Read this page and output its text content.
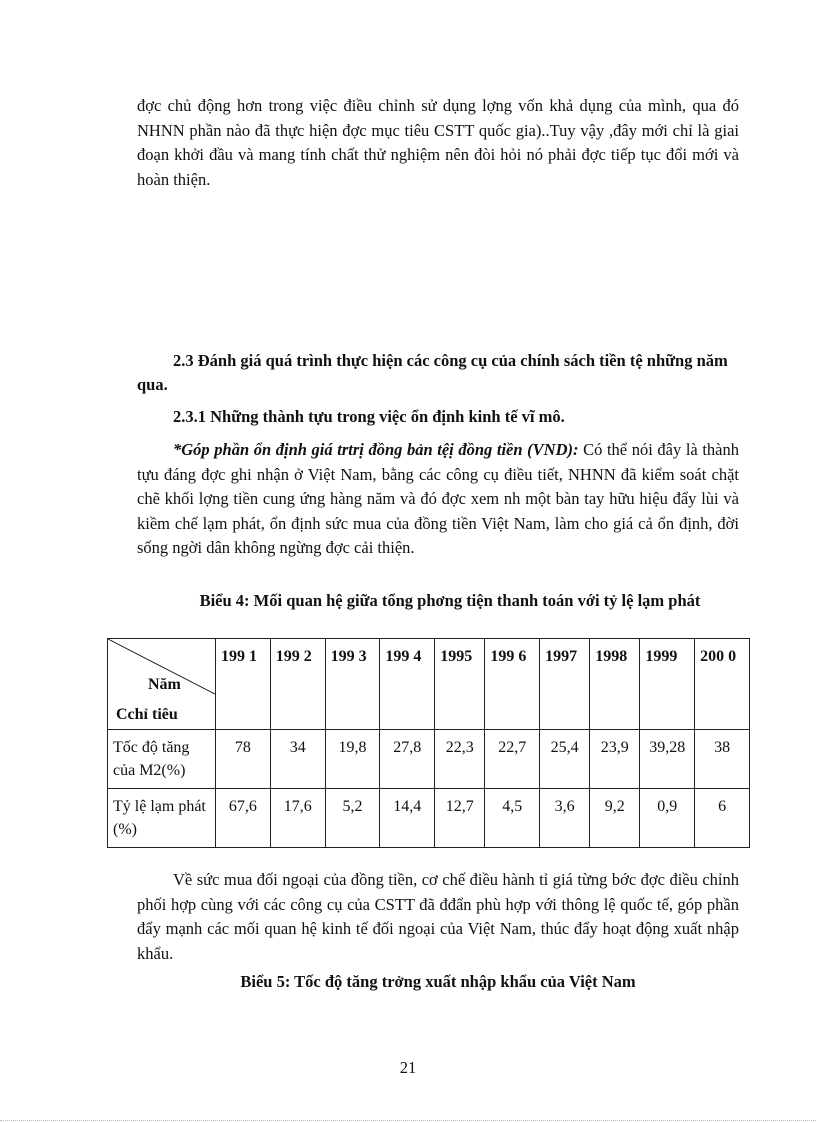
đợc chủ động hơn trong việc điều chỉnh sử dụng lợng vốn khả dụng của mình, qua đó NHNN phần nào đã thực hiện đợc mục tiêu CSTT quốc gia)..Tuy vậy ,đây mới chỉ là giai đoạn khởi đầu và mang tính chất thử nghiệm nên đòi hỏi nó phải đợc tiếp tục đổi mới và hoàn thiện.

2.3 Đánh giá quá trình thực hiện các công cụ của chính sách tiền tệ những năm qua.

2.3.1 Những thành tựu trong việc ổn định kinh tế vĩ mô.

*Góp phần ổn định giá trtrị đồng bản tệị đồng tiền (VND): Có thể nói đây là thành tựu đáng đợc ghi nhận ở Việt Nam, bằng các công cụ điều tiết, NHNN đã kiểm soát chặt chẽ khối lợng tiền cung ứng hàng năm và đó đợc xem nh một bàn tay hữu hiệu đẩy lùi và kiềm chế lạm phát, ổn định sức mua của đồng tiền Việt Nam, làm cho giá cả ổn định, đời sống ngời dân không ngừng đợc cải thiện.

Biểu 4: Mối quan hệ giữa tổng phơng tiện thanh toán với tỷ lệ lạm phát

Năm
Cchỉ tiêu	199 1	199 2	199 3	199 4	1995	199 6	1997	1998	1999	200 0
Tốc độ tăng của M2(%)	78	34	19,8	27,8	22,3	22,7	25,4	23,9	39,28	38
Tỷ lệ lạm phát (%)	67,6	17,6	5,2	14,4	12,7	4,5	3,6	9,2	0,9	6

Về sức mua đối ngoại của đồng tiền, cơ chế điều hành tỉ giá từng bớc đợc điều chỉnh phối hợp cùng với các công cụ của CSTT đã đđẩn phù hợp với thông lệ quốc tế, góp phần đẩy mạnh các mối quan hệ kinh tế đối ngoại của Việt Nam, thúc đẩy hoạt động xuất nhập khẩu.

Biểu 5: Tốc độ tăng trởng xuất nhập khẩu của Việt Nam

21
